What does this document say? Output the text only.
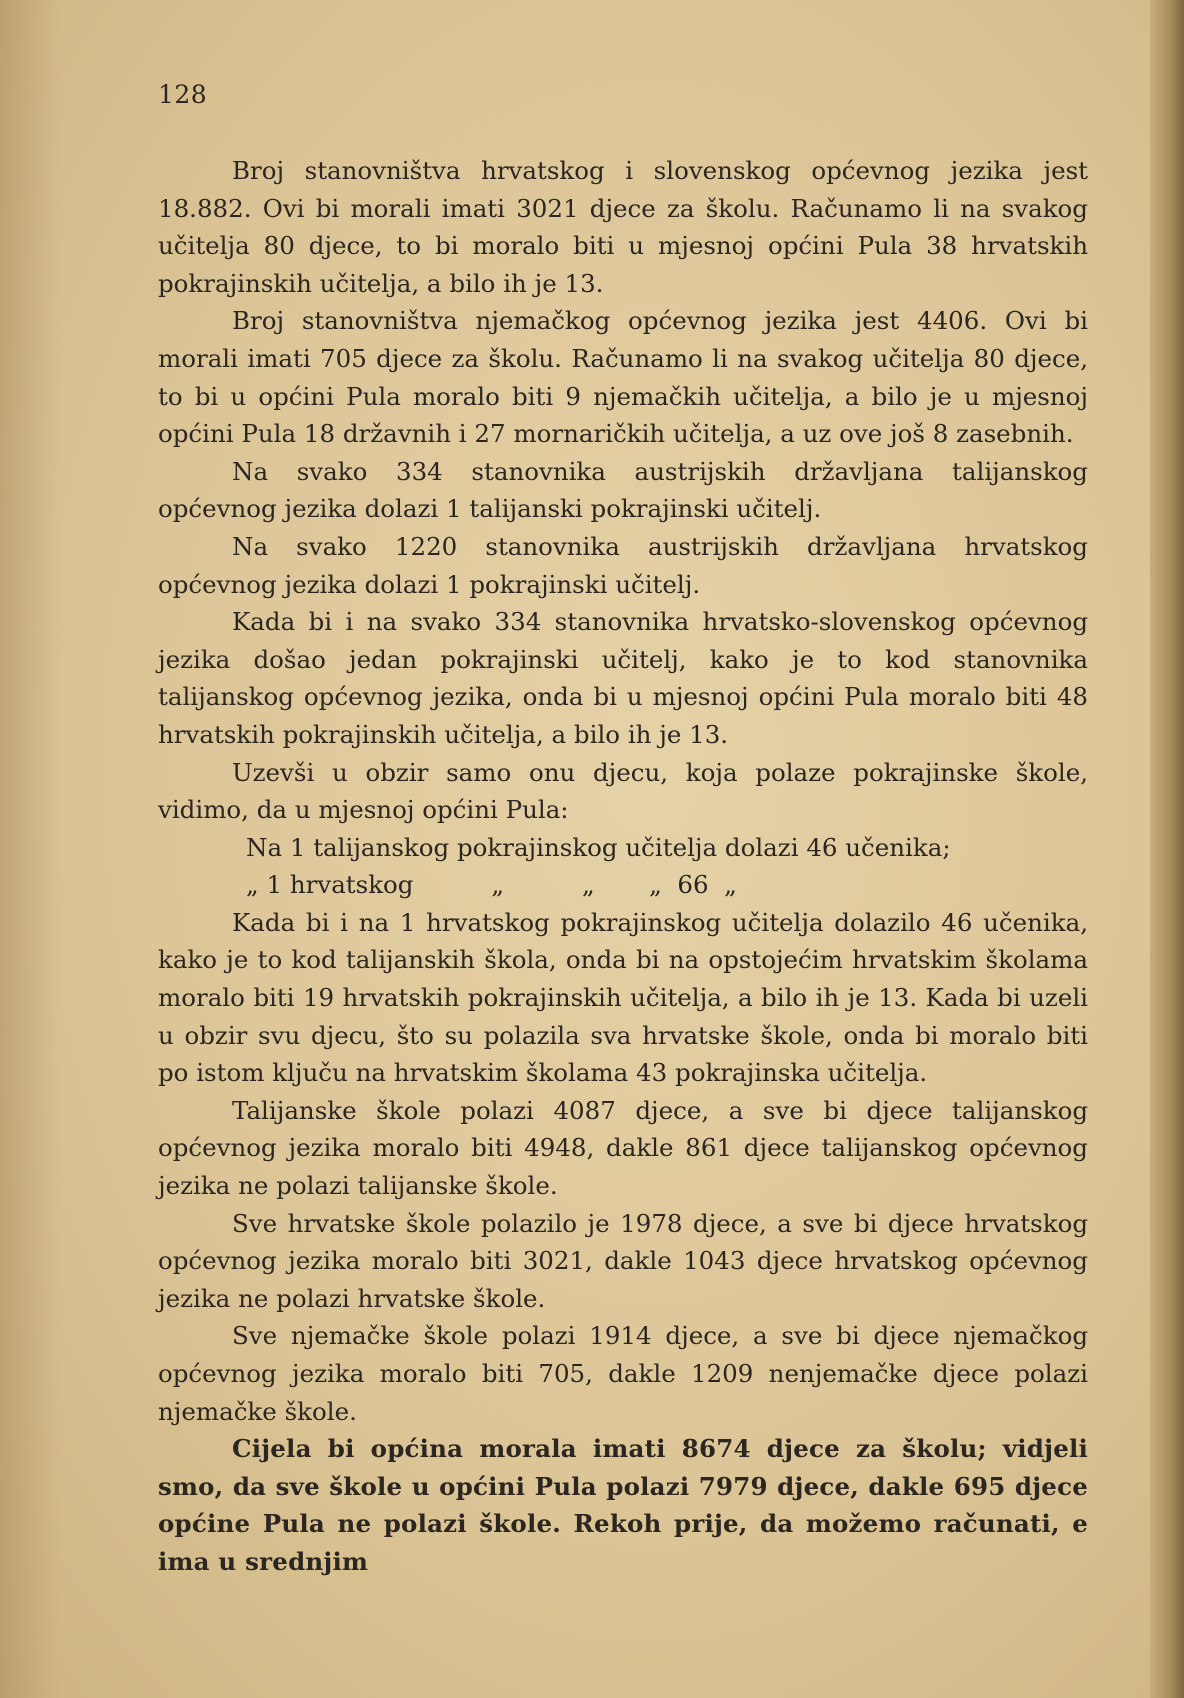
128

Broj stanovništva hrvatskog i slovenskog općevnog jezika jest 18.882. Ovi bi morali imati 3021 djece za školu. Računamo li na svakog učitelja 80 djece, to bi moralo biti u mjesnoj općini Pula 38 hrvatskih pokrajinskih učitelja, a bilo ih je 13.

Broj stanovništva njemačkog općevnog jezika jest 4406. Ovi bi morali imati 705 djece za školu. Računamo li na svakog učitelja 80 djece, to bi u općini Pula moralo biti 9 njemačkih učitelja, a bilo je u mjesnoj općini Pula 18 državnih i 27 mornaričkih učitelja, a uz ove još 8 zasebnih.

Na svako 334 stanovnika austrijskih državljana talijanskog općevnog jezika dolazi 1 talijanski pokrajinski učitelj.

Na svako 1220 stanovnika austrijskih državljana hrvatskog općevnog jezika dolazi 1 pokrajinski učitelj.

Kada bi i na svako 334 stanovnika hrvatsko-slovenskog općevnog jezika došao jedan pokrajinski učitelj, kako je to kod stanovnika talijanskog općevnog jezika, onda bi u mjesnoj općini Pula moralo biti 48 hrvatskih pokrajinskih učitelja, a bilo ih je 13.

Uzevši u obzir samo onu djecu, koja polaze pokrajinske škole, vidimo, da u mjesnoj općini Pula:

Na 1 talijanskog pokrajinskog učitelja dolazi 46 učenika;

„ 1 hrvatskog          „          „       „  66  „

Kada bi i na 1 hrvatskog pokrajinskog učitelja dolazilo 46 učenika, kako je to kod talijanskih škola, onda bi na opstojećim hrvatskim školama moralo biti 19 hrvatskih pokrajinskih učitelja, a bilo ih je 13. Kada bi uzeli u obzir svu djecu, što su polazila sva hrvatske škole, onda bi moralo biti po istom ključu na hrvatskim školama 43 pokrajinska učitelja.

Talijanske škole polazi 4087 djece, a sve bi djece talijanskog općevnog jezika moralo biti 4948, dakle 861 djece talijanskog općevnog jezika ne polazi talijanske škole.

Sve hrvatske škole polazilo je 1978 djece, a sve bi djece hrvatskog općevnog jezika moralo biti 3021, dakle 1043 djece hrvatskog općevnog jezika ne polazi hrvatske škole.

Sve njemačke škole polazi 1914 djece, a sve bi djece njemačkog općevnog jezika moralo biti 705, dakle 1209 nenjemačke djece polazi njemačke škole.

Cijela bi općina morala imati 8674 djece za školu; vidjeli smo, da sve škole u općini Pula polazi 7979 djece, dakle 695 djece općine Pula ne polazi škole. Rekoh prije, da možemo računati, e ima u srednjim
